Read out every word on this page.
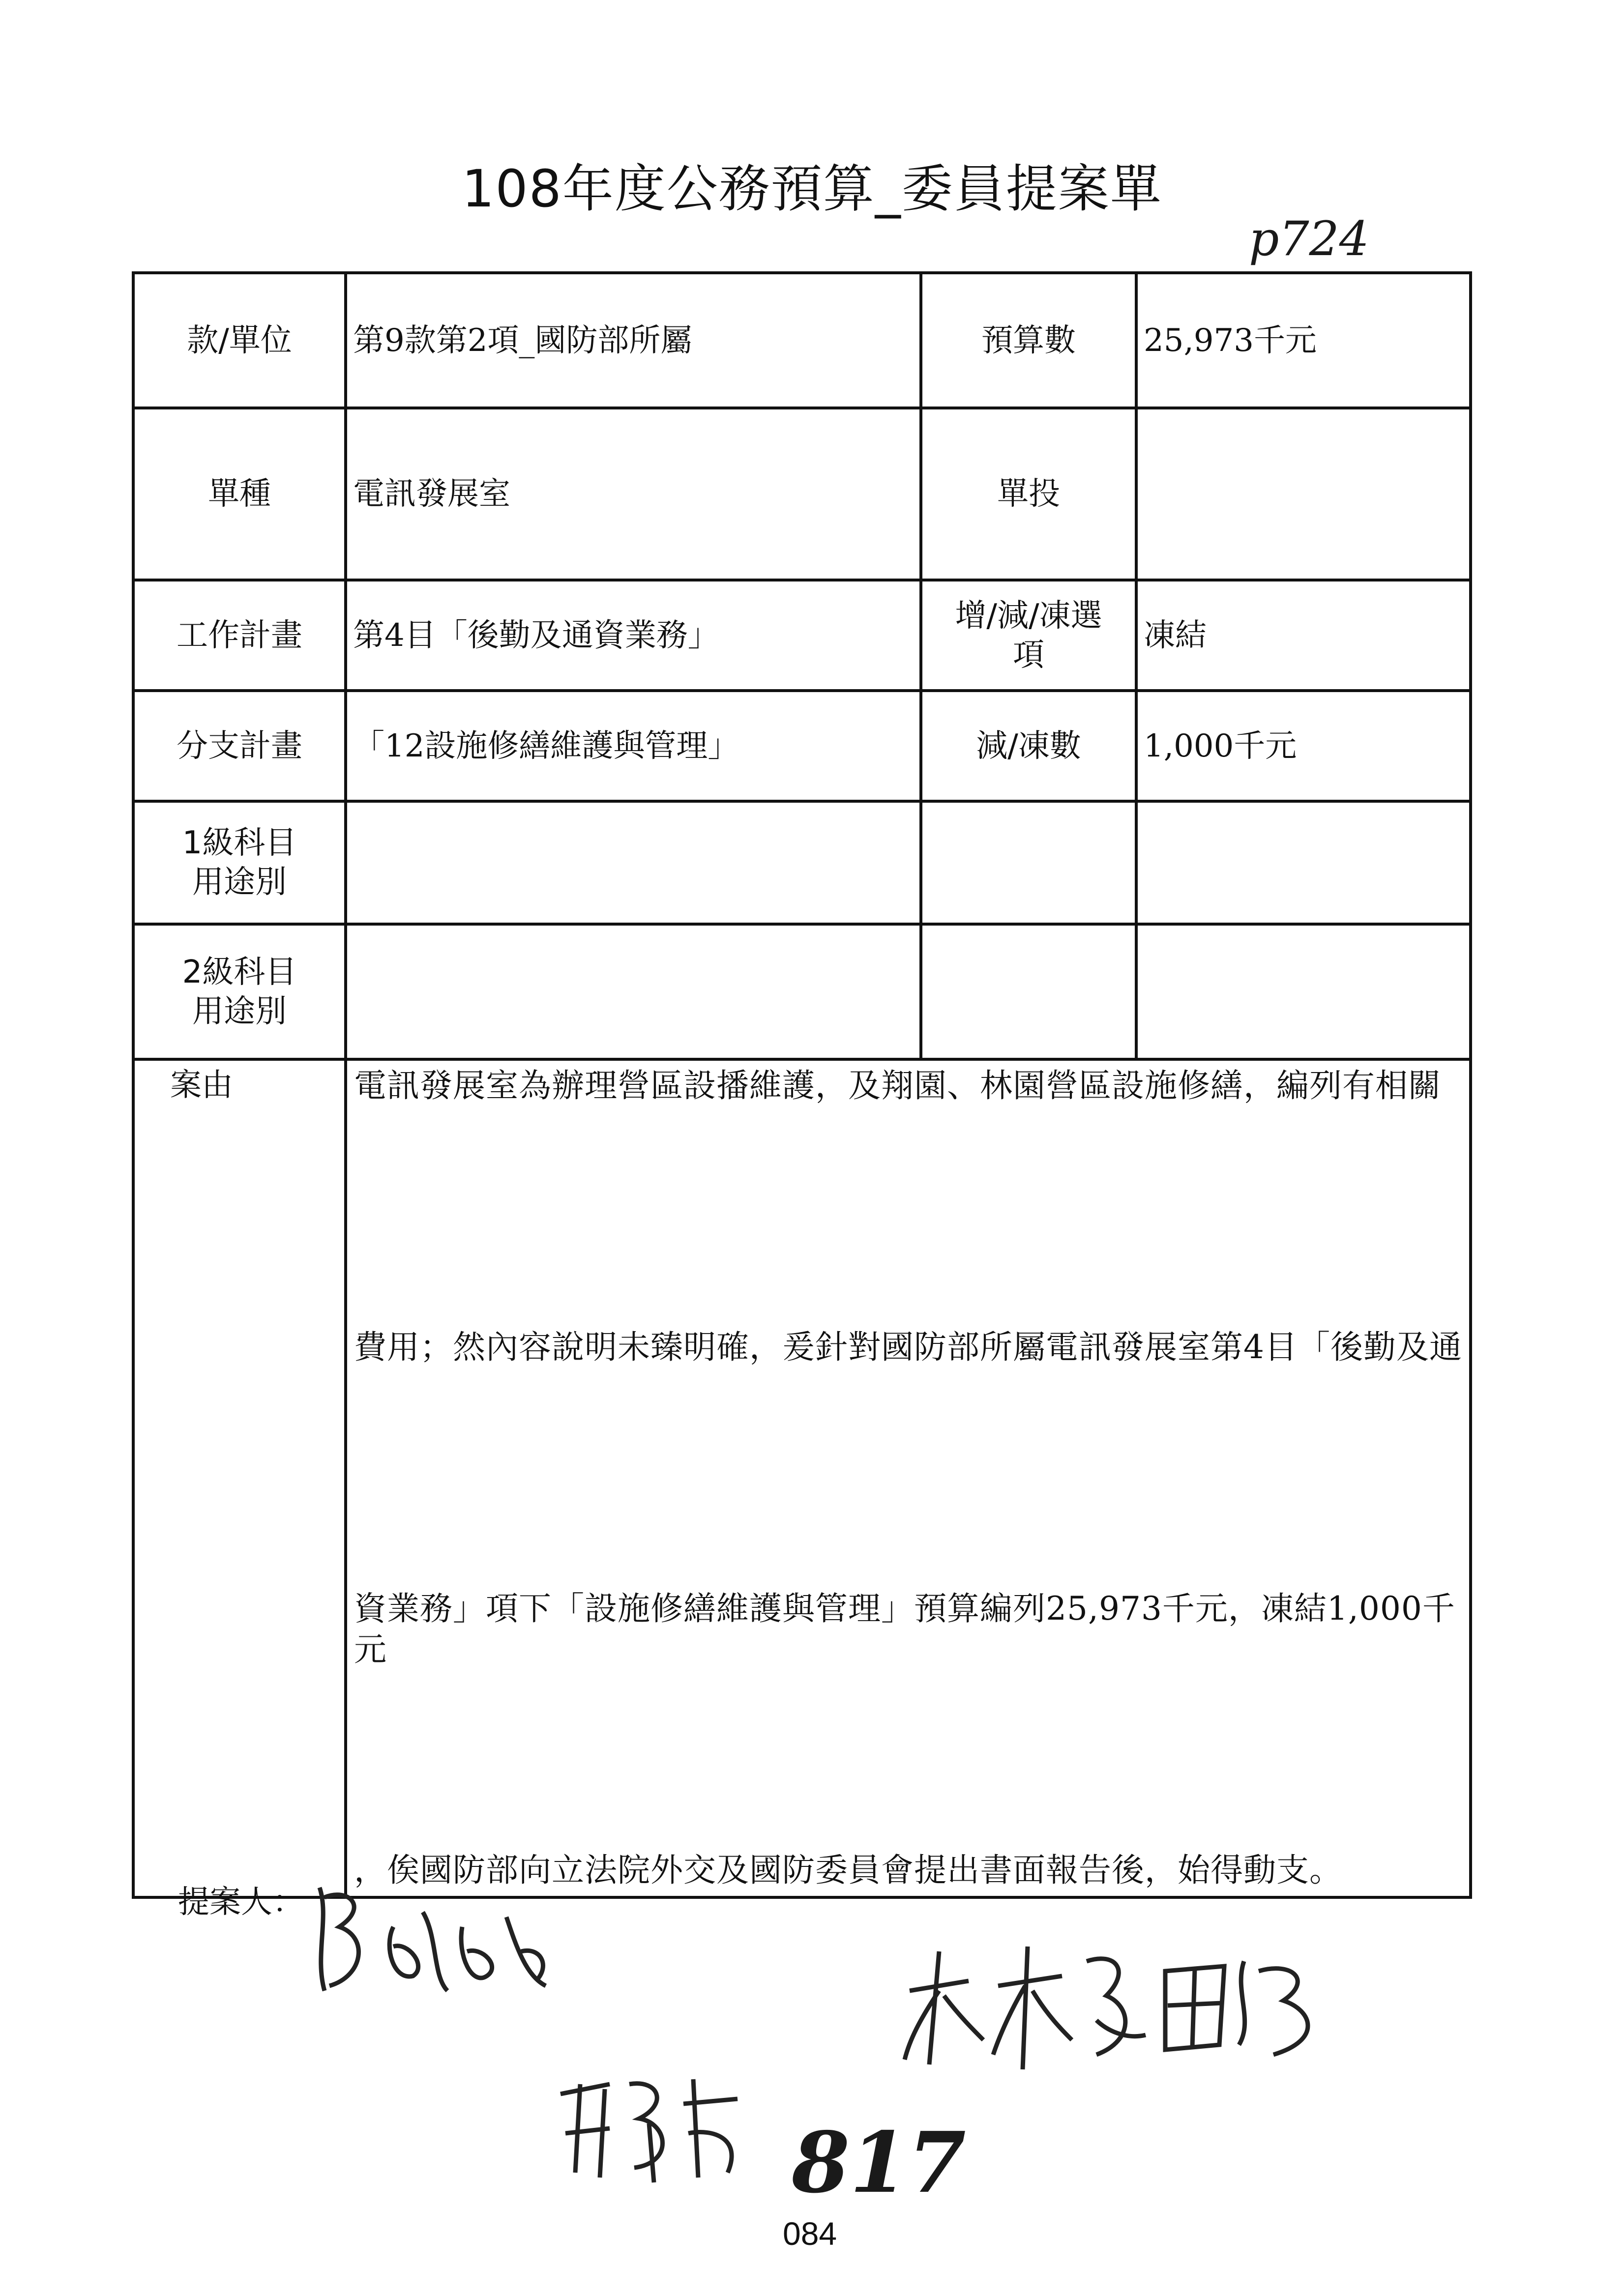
108年度公務預算_委員提案單
p724
款/單位	第9款第2項_國防部所屬	預算數	25,973千元
單種	電訊發展室	單投	
工作計畫	第4目「後勤及通資業務」	增/減/凍選項	凍結
分支計畫	「12設施修繕維護與管理」	減/凍數	1,000千元
1級科目用途別			
2級科目用途別			

案由	電訊發展室為辦理營區設播維護，及翔園、林園營區設施修繕，編列有相關
費用；然內容說明未臻明確，爰針對國防部所屬電訊發展室第4目「後勤及通
資業務」項下「設施修繕維護與管理」預算編列25,973千元，凍結1,000千元
，俟國防部向立法院外交及國防委員會提出書面報告後，始得動支。		
提案人：
817
084
